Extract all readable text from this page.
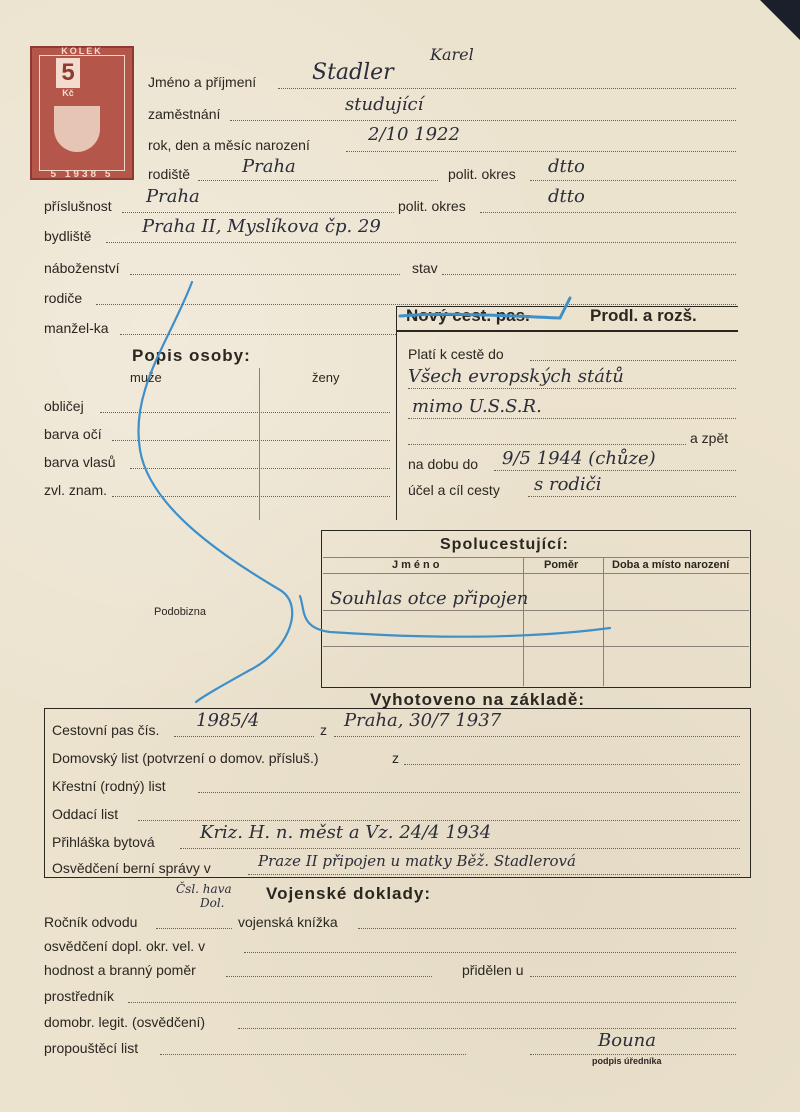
KOLEK
5
Kč
5 1938 5
Karel
Jméno a příjmení	Stadler
zaměstnání	studující
rok, den a měsíc narození	2/10 1922
rodiště	Praha	polit. okres dtto
příslušnost Praha	polit. okres	dtto
bydliště	Praha II, Myslíkova čp. 29
náboženství	stav
rodiče
manžel-ka
Popis osoby:
muže	ženy
obličej
barva očí
barva vlasů
zvl. znam.
Nový cest. pas.	Prodl. a rozš.
Platí k cestě do
Všech evropských států
mimo U.S.S.R.
a zpět
na dobu do 9/5 1944 (chůze)
účel a cíl cesty s rodiči
Podobizna
Spolucestující:
Jméno	Poměr	Doba a místo narození
Souhlas otce připojen
Vyhotoveno na základě:
Cestovní pas čís. 1985/4	z Praha, 30/7 1937
Domovský list (potvrzení o domov. přísluš.)	z
Křestní (rodný) list
Oddací list
Přihláška bytová	Kriz. H. n. měst a Vz. 24/4 1934
Osvědčení berní správy v	Praze II připojen u matky Běž. Stadlerová
Čsl. hava
Dol. Vojenské doklady:
Ročník odvodu	vojenská knížka
osvědčení dopl. okr. vel. v
hodnost a branný poměr	přidělen u
prostředník
domobr. legit. (osvědčení)
propouštěcí list	Bouna
podpis úředníka
